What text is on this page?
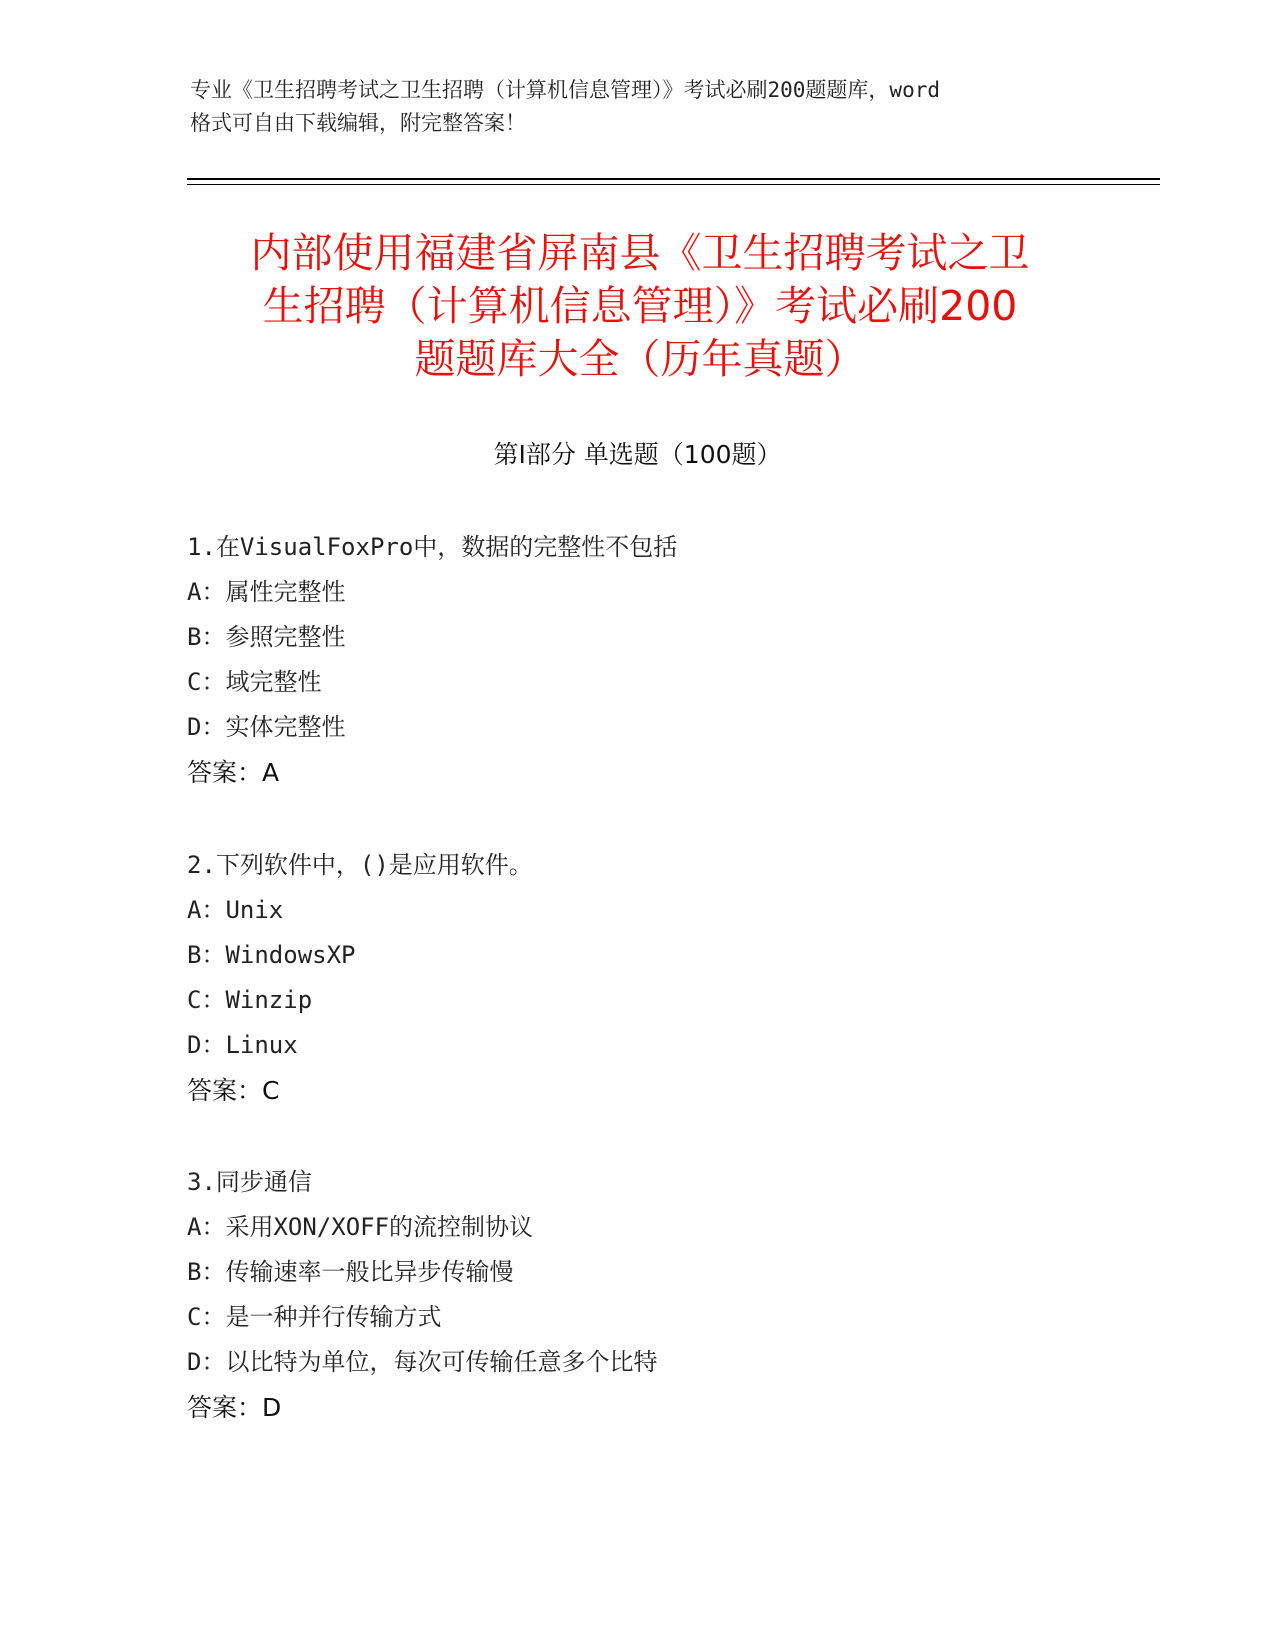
专业《卫生招聘考试之卫生招聘（计算机信息管理）》考试必刷200题题库，word
格式可自由下载编辑，附完整答案！
内部使用福建省屏南县《卫生招聘考试之卫
生招聘（计算机信息管理）》考试必刷200
题题库大全（历年真题）
第Ⅰ部分 单选题（100题）
1.在VisualFoxPro中，数据的完整性不包括
A：属性完整性
B：参照完整性
C：域完整性
D：实体完整性
答案：A
2.下列软件中，()是应用软件。
A：Unix
B：WindowsXP
C：Winzip
D：Linux
答案：C
3.同步通信
A：采用XON/XOFF的流控制协议
B：传输速率一般比异步传输慢
C：是一种并行传输方式
D：以比特为单位，每次可传输任意多个比特
答案：D
